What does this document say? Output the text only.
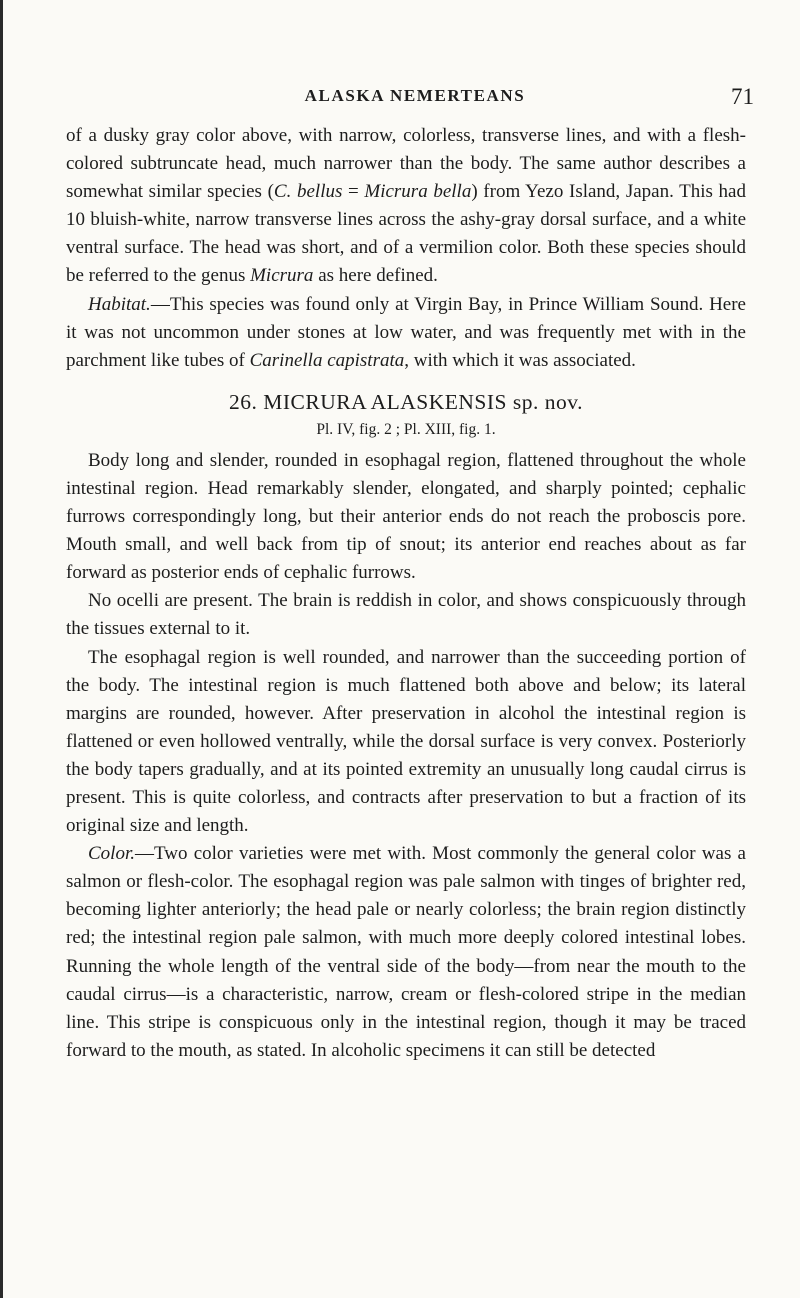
ALASKA NEMERTEANS	71

of a dusky gray color above, with narrow, colorless, transverse lines, and with a flesh-colored subtruncate head, much narrower than the body. The same author describes a somewhat similar species (C. bellus = Micrura bella) from Yezo Island, Japan. This had 10 bluish-white, narrow transverse lines across the ashy-gray dorsal surface, and a white ventral surface. The head was short, and of a vermilion color. Both these species should be referred to the genus Micrura as here defined.

Habitat.—This species was found only at Virgin Bay, in Prince William Sound. Here it was not uncommon under stones at low water, and was frequently met with in the parchment like tubes of Carinella capistrata, with which it was associated.

26. MICRURA ALASKENSIS sp. nov.

Pl. IV, fig. 2 ; Pl. XIII, fig. 1.

Body long and slender, rounded in esophagal region, flattened throughout the whole intestinal region. Head remarkably slender, elongated, and sharply pointed; cephalic furrows correspondingly long, but their anterior ends do not reach the proboscis pore. Mouth small, and well back from tip of snout; its anterior end reaches about as far forward as posterior ends of cephalic furrows.

No ocelli are present. The brain is reddish in color, and shows conspicuously through the tissues external to it.

The esophagal region is well rounded, and narrower than the succeeding portion of the body. The intestinal region is much flattened both above and below; its lateral margins are rounded, however. After preservation in alcohol the intestinal region is flattened or even hollowed ventrally, while the dorsal surface is very convex. Posteriorly the body tapers gradually, and at its pointed extremity an unusually long caudal cirrus is present. This is quite colorless, and contracts after preservation to but a fraction of its original size and length.

Color.—Two color varieties were met with. Most commonly the general color was a salmon or flesh-color. The esophagal region was pale salmon with tinges of brighter red, becoming lighter anteriorly; the head pale or nearly colorless; the brain region distinctly red; the intestinal region pale salmon, with much more deeply colored intestinal lobes. Running the whole length of the ventral side of the body—from near the mouth to the caudal cirrus—is a characteristic, narrow, cream or flesh-colored stripe in the median line. This stripe is conspicuous only in the intestinal region, though it may be traced forward to the mouth, as stated. In alcoholic specimens it can still be detected
